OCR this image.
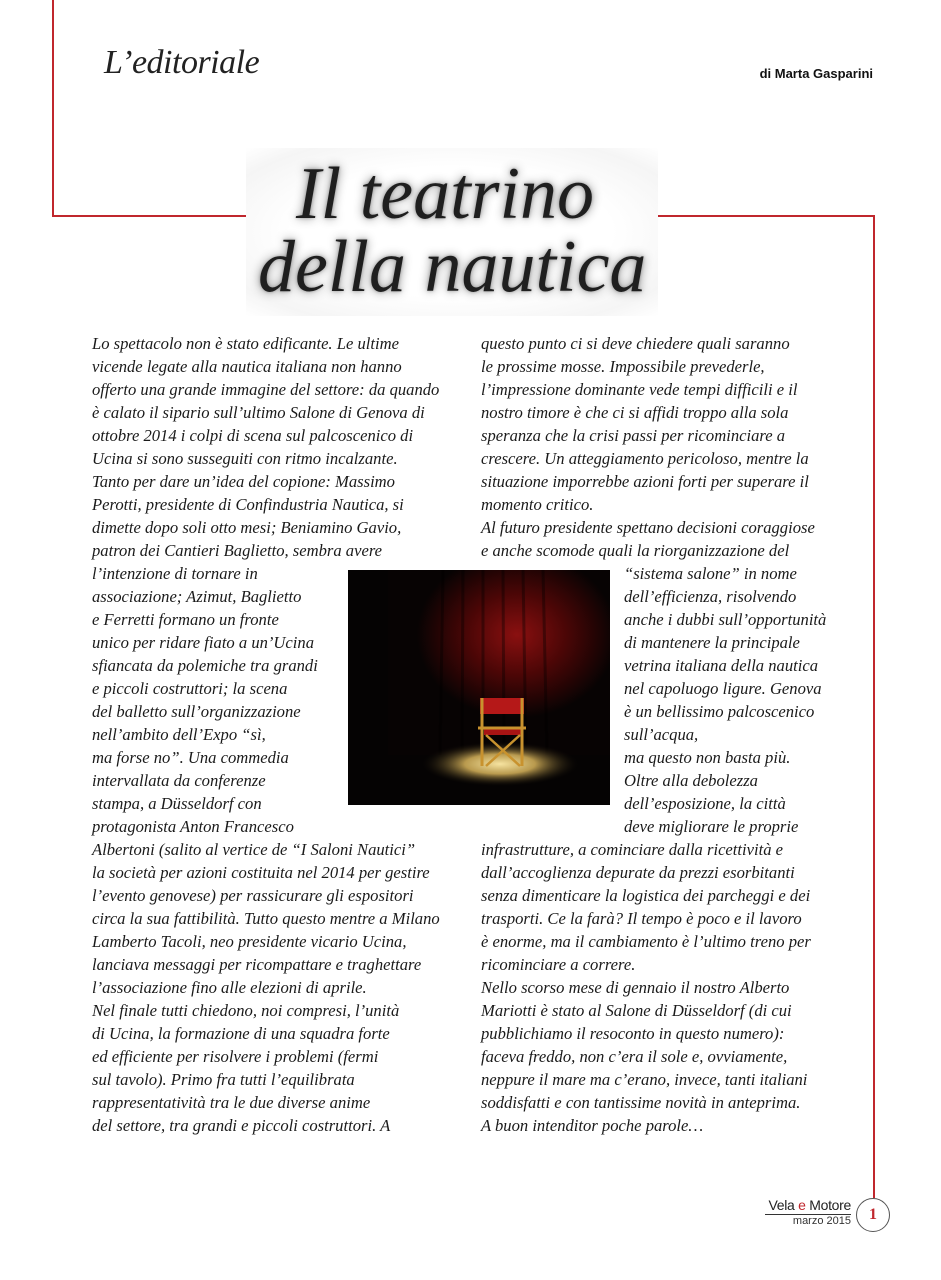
L’editoriale	di Marta Gasparini
Il teatrino
della nautica
Lo spettacolo non è stato edificante. Le ultime
vicende legate alla nautica italiana non hanno
offerto una grande immagine del settore: da quando
è calato il sipario sull’ultimo Salone di Genova di
ottobre 2014 i colpi di scena sul palcoscenico di
Ucina si sono susseguiti con ritmo incalzante.
Tanto per dare un’idea del copione: Massimo
Perotti, presidente di Confindustria Nautica, si
dimette dopo soli otto mesi; Beniamino Gavio,
patron dei Cantieri Baglietto, sembra avere
l’intenzione di tornare in
associazione; Azimut, Baglietto
e Ferretti formano un fronte
unico per ridare fiato a un’Ucina
sfiancata da polemiche tra grandi
e piccoli costruttori; la scena
del balletto sull’organizzazione
nell’ambito dell’Expo “sì,
ma forse no”. Una commedia
intervallata da conferenze
stampa, a Düsseldorf con
protagonista Anton Francesco
Albertoni (salito al vertice de “I Saloni Nautici”
la società per azioni costituita nel 2014 per gestire
l’evento genovese) per rassicurare gli espositori
circa la sua fattibilità. Tutto questo mentre a Milano
Lamberto Tacoli, neo presidente vicario Ucina,
lanciava messaggi per ricompattare e traghettare
l’associazione fino alle elezioni di aprile.
Nel finale tutti chiedono, noi compresi, l’unità
di Ucina, la formazione di una squadra forte
ed efficiente per risolvere i problemi (fermi
sul tavolo). Primo fra tutti l’equilibrata
rappresentatività tra le due diverse anime
del settore, tra grandi e piccoli costruttori. A
questo punto ci si deve chiedere quali saranno
le prossime mosse. Impossibile prevederle,
l’impressione dominante vede tempi difficili e il
nostro timore è che ci si affidi troppo alla sola
speranza che la crisi passi per ricominciare a
crescere. Un atteggiamento pericoloso, mentre la
situazione imporrebbe azioni forti per superare il
momento critico.
Al futuro presidente spettano decisioni coraggiose
e anche scomode quali la riorganizzazione del
“sistema salone” in nome
dell’efficienza, risolvendo
anche i dubbi sull’opportunità
di mantenere la principale
vetrina italiana della nautica
nel capoluogo ligure. Genova
è un bellissimo palcoscenico
sull’acqua,
ma questo non basta più.
Oltre alla debolezza
dell’esposizione, la città
deve migliorare le proprie
infrastrutture, a cominciare dalla ricettività e
dall’accoglienza depurate da prezzi esorbitanti
senza dimenticare la logistica dei parcheggi e dei
trasporti. Ce la farà? Il tempo è poco e il lavoro
è enorme, ma il cambiamento è l’ultimo treno per
ricominciare a correre.
Nello scorso mese di gennaio il nostro Alberto
Mariotti è stato al Salone di Düsseldorf (di cui
pubblichiamo il resoconto in questo numero):
faceva freddo, non c’era il sole e, ovviamente,
neppure il mare ma c’erano, invece, tanti italiani
soddisfatti e con tantissime novità in anteprima.
A buon intenditor poche parole…
Vela e Motore
marzo 2015	1
